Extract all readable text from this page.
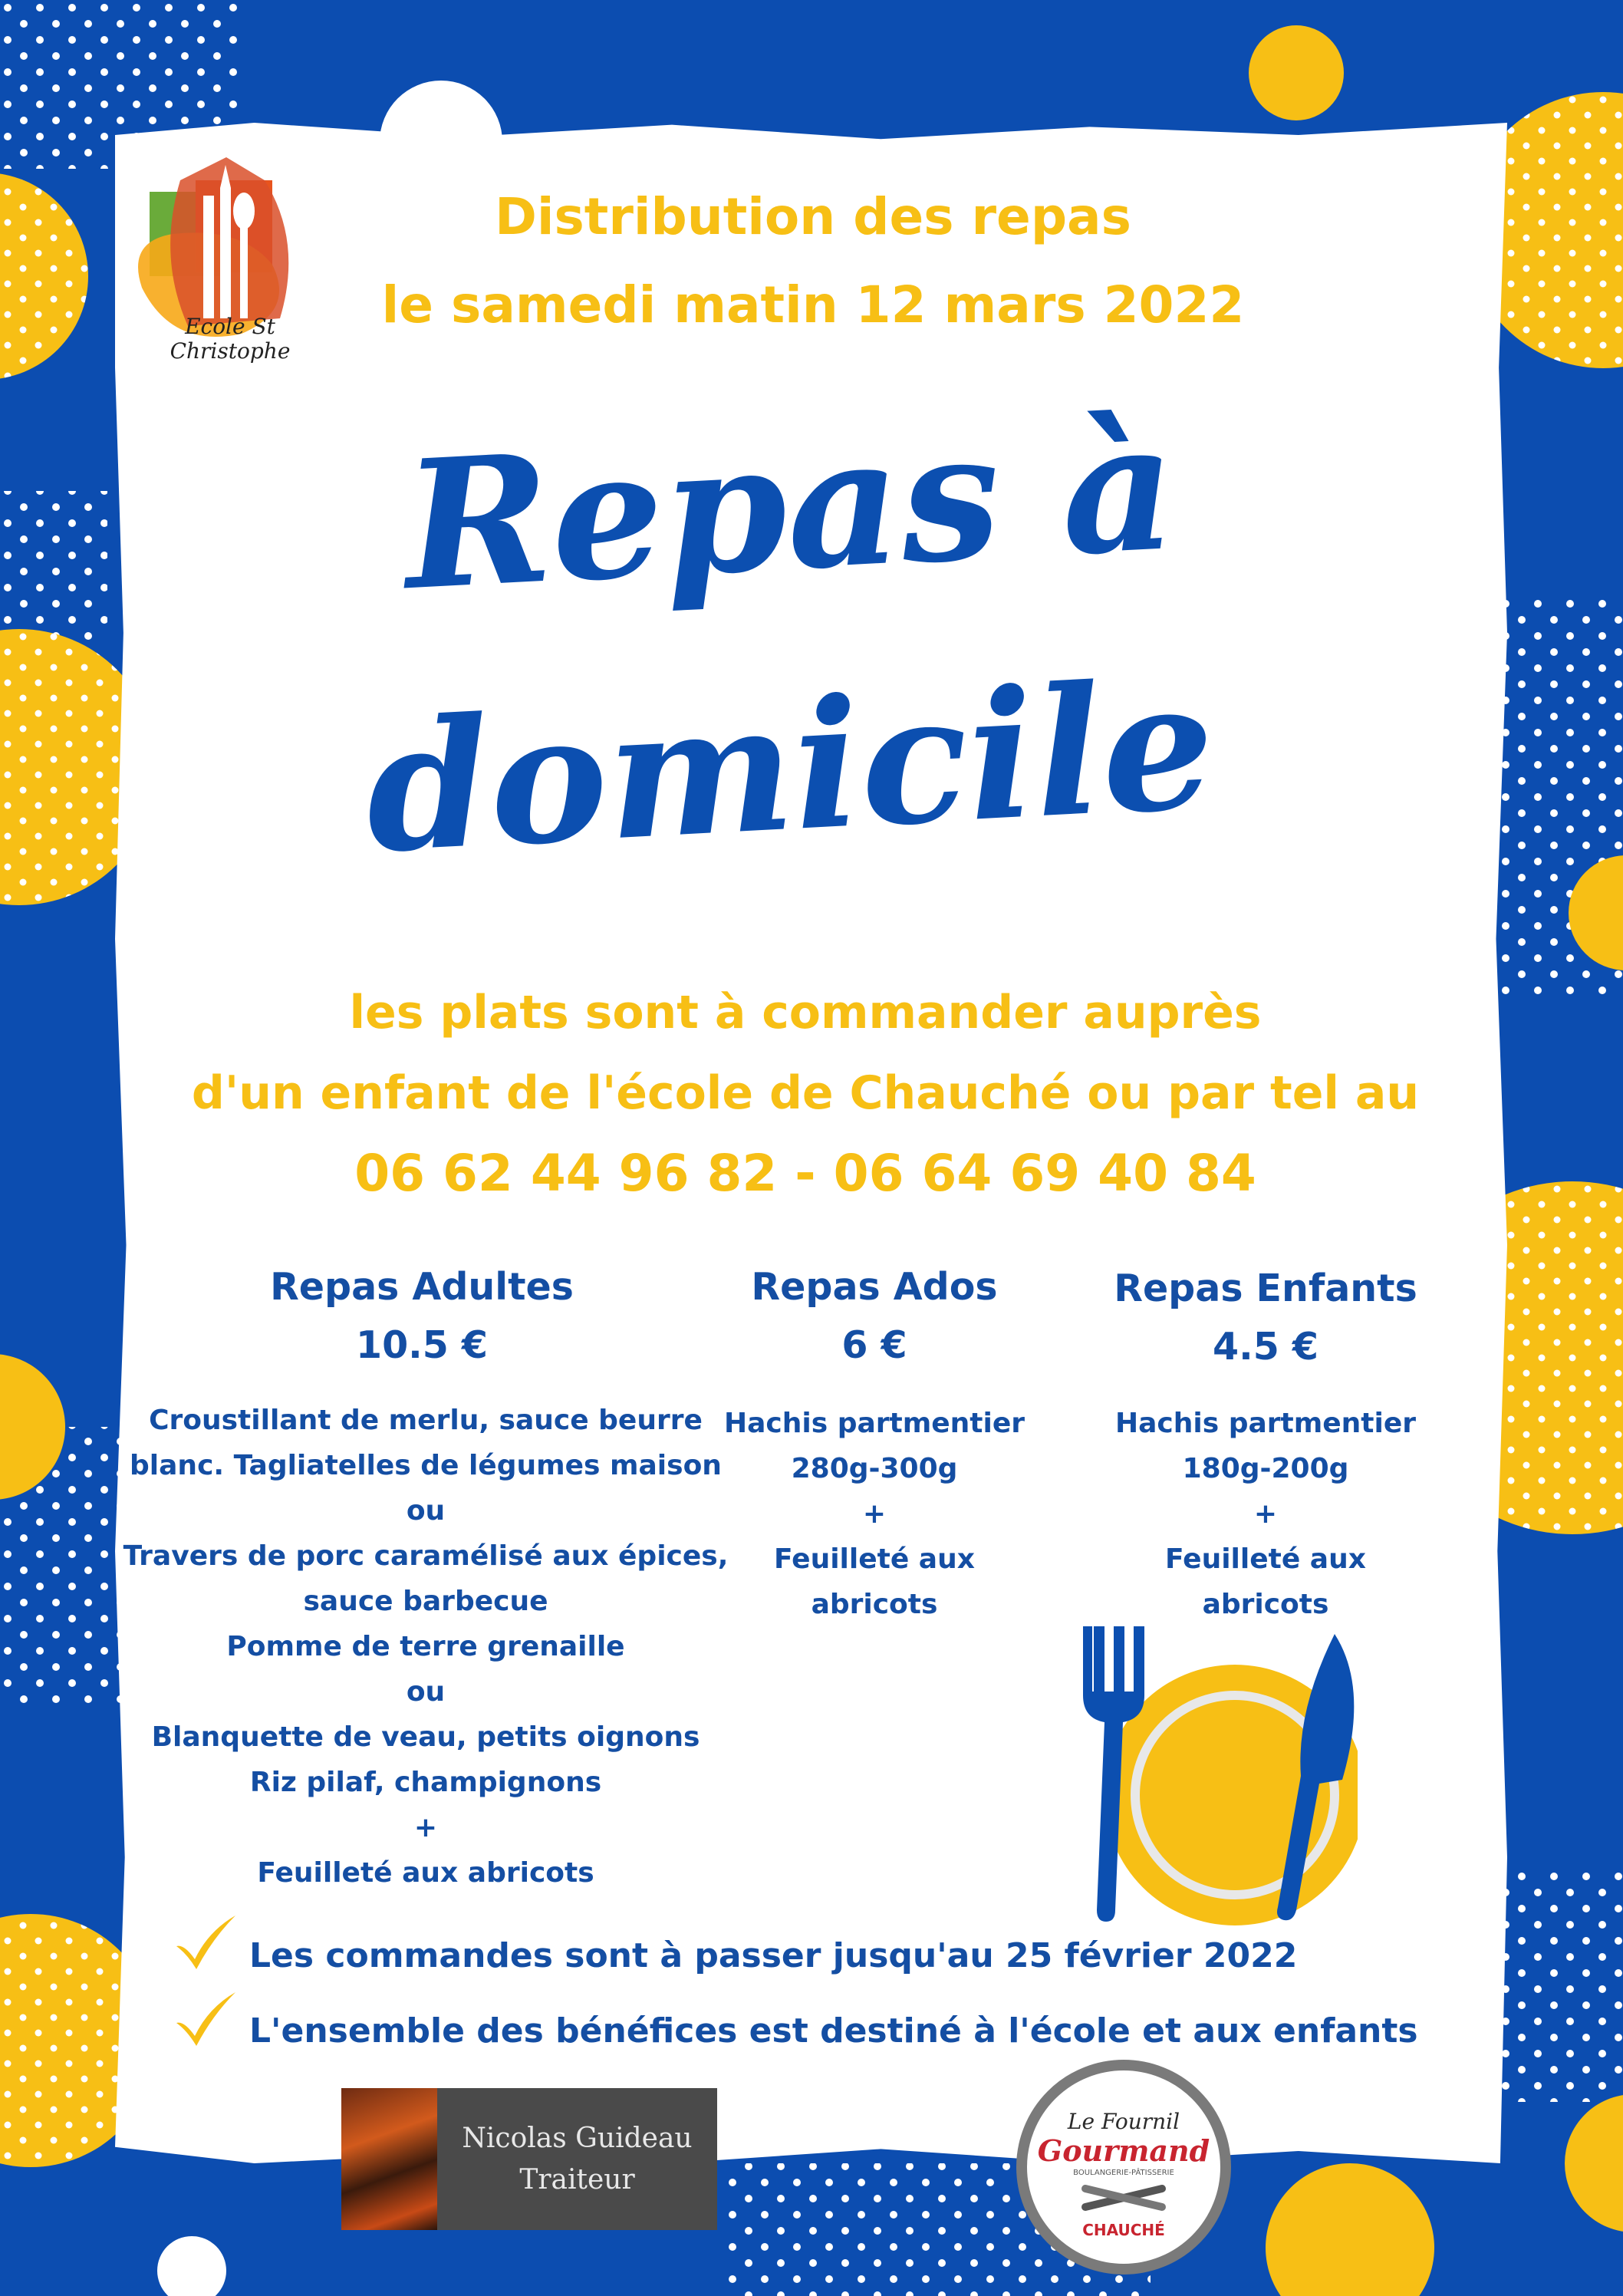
Ecole St Christophe
Distribution des repas
le samedi matin 12 mars 2022
Repas à
domicile
les plats sont à commander auprès
d'un enfant de l'école de Chauché ou par tel au
06 62 44 96 82 - 06 64 69 40 84
Repas Adultes
10.5 €
Croustillant de merlu, sauce beurre
blanc. Tagliatelles de légumes maison
ou
Travers de porc caramélisé aux épices,
sauce barbecue
Pomme de terre grenaille
ou
Blanquette de veau, petits oignons
Riz pilaf, champignons
+
Feuilleté aux abricots
Repas Ados
6 €
Hachis partmentier
280g-300g
+
Feuilleté aux
abricots
Repas Enfants
4.5 €
Hachis partmentier
180g-200g
+
Feuilleté aux
abricots
Les commandes sont à passer jusqu'au 25 février 2022
L'ensemble des bénéfices est destiné à l'école et aux enfants
Nicolas Guideau
Traiteur
Le Fournil
Gourmand
BOULANGERIE-PÂTISSERIE
CHAUCHÉ
